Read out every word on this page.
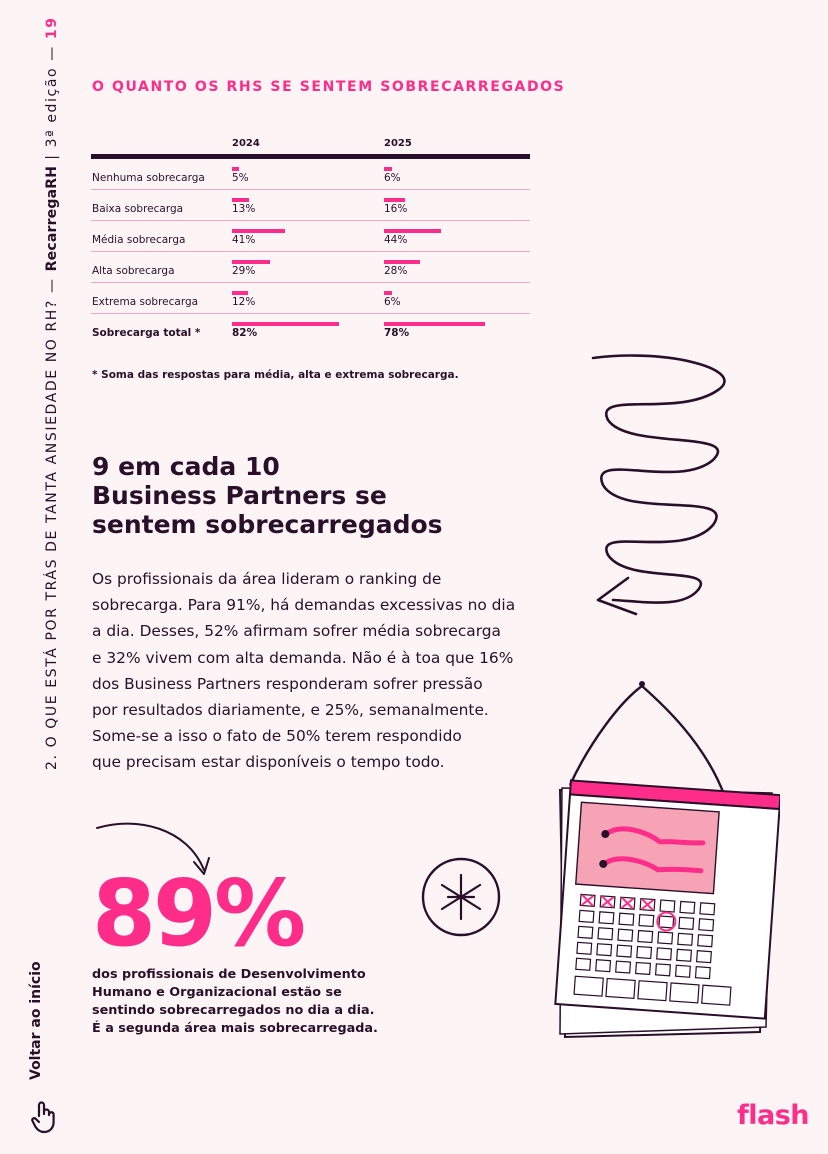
2. O QUE ESTÁ POR TRÁS DE TANTA ANSIEDADE NO RH? — RecarregaRH | 3ª edição — 19
Voltar ao início
O QUANTO OS RHS SE SENTEM SOBRECARREGADOS
2024	2025
Nenhuma sobrecarga	5%	6%
Baixa sobrecarga	13%	16%
Média sobrecarga	41%	44%
Alta sobrecarga	29%	28%
Extrema sobrecarga	12%	6%
Sobrecarga total *	82%	78%
* Soma das respostas para média, alta e extrema sobrecarga.
9 em cada 10
Business Partners se
sentem sobrecarregados
Os profissionais da área lideram o ranking de
sobrecarga. Para 91%, há demandas excessivas no dia
a dia. Desses, 52% afirmam sofrer média sobrecarga
e 32% vivem com alta demanda. Não é à toa que 16%
dos Business Partners responderam sofrer pressão
por resultados diariamente, e 25%, semanalmente.
Some-se a isso o fato de 50% terem respondido
que precisam estar disponíveis o tempo todo.
89%
dos profissionais de Desenvolvimento
Humano e Organizacional estão se
sentindo sobrecarregados no dia a dia.
É a segunda área mais sobrecarregada.
flash
